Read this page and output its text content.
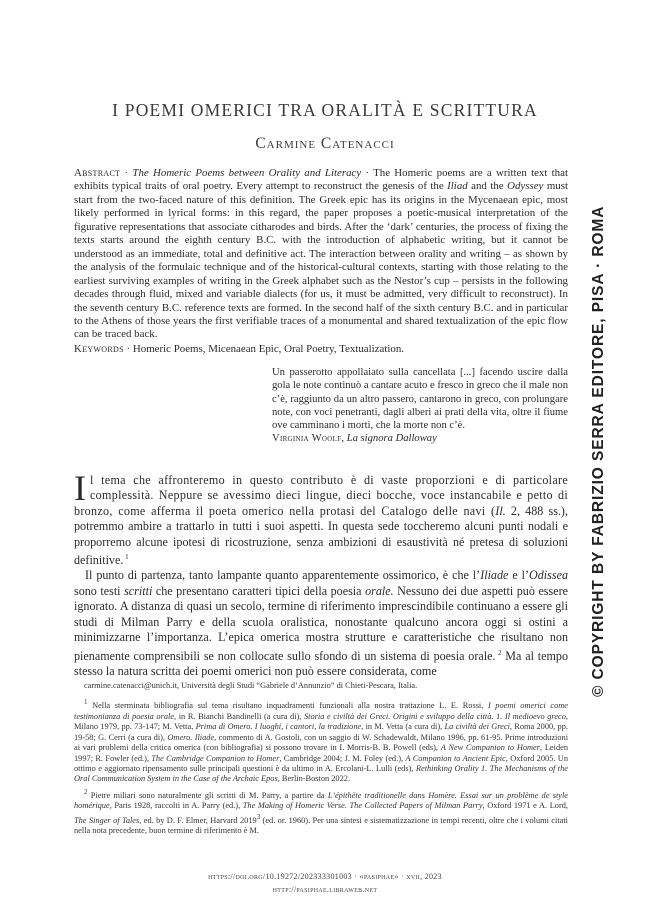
I POEMI OMERICI TRA ORALITÀ E SCRITTURA
Carmine Catenacci
Abstract · The Homeric Poems between Orality and Literacy · The Homeric poems are a written text that exhibits typical traits of oral poetry. Every attempt to reconstruct the genesis of the Iliad and the Odyssey must start from the two-faced nature of this definition. The Greek epic has its origins in the Mycenaean epic, most likely performed in lyrical forms: in this regard, the paper proposes a poetic-musical interpretation of the figurative representations that associate citharodes and birds. After the ‘dark’ centuries, the process of fixing the texts starts around the eighth century B.C. with the introduction of alphabetic writing, but it cannot be understood as an immediate, total and definitive act. The interaction between orality and writing – as shown by the analysis of the formulaic technique and of the historical-cultural contexts, starting with those relating to the earliest surviving examples of writing in the Greek alphabet such as the Nestor’s cup – persists in the following decades through fluid, mixed and variable dialects (for us, it must be admitted, very difficult to reconstruct). In the seventh century B.C. reference texts are formed. In the second half of the sixth century B.C. and in particular to the Athens of those years the first verifiable traces of a monumental and shared textualization of the epic flow can be traced back.
Keywords · Homeric Poems, Micenaean Epic, Oral Poetry, Textualization.
Un passerotto appollaiato sulla cancellata [...] facendo uscire dalla gola le note continuò a cantare acuto e fresco in greco che il male non c’è, raggiunto da un altro passero, cantarono in greco, con prolungare note, con voci penetranti, dagli alberi ai prati della vita, oltre il fiume ove camminano i morti, che la morte non c’è.
Virginia Woolf, La signora Dalloway

Il tema che affronteremo in questo contributo è di vaste proporzioni e di particolare complessità. Neppure se avessimo dieci lingue, dieci bocche, voce instancabile e petto di bronzo, come afferma il poeta omerico nella protasi del Catalogo delle navi (Il. 2, 488 ss.), potremmo ambire a trattarlo in tutti i suoi aspetti. In questa sede toccheremo alcuni punti nodali e proporremo alcune ipotesi di ricostruzione, senza ambizioni di esaustività né pretesa di soluzioni definitive. $^1$

Il punto di partenza, tanto lampante quanto apparentemente ossimorico, è che l’Iliade e l’Odissea sono testi scritti che presentano caratteri tipici della poesia orale. Nessuno dei due aspetti può essere ignorato. A distanza di quasi un secolo, termine di riferimento imprescindibile continuano a essere gli studi di Milman Parry e della scuola oralistica, nonostante qualcuno ancora oggi si ostini a minimizzarne l’importanza. L’epica omerica mostra strutture e caratteristiche che risultano non pienamente comprensibili se non collocate sullo sfondo di un sistema di poesia orale. $^2$ Ma al tempo stesso la natura scritta dei poemi omerici non può essere considerata, come

carmine.catenacci@unich.it, Università degli Studi “Gabriele d’Annunzio” di Chieti-Pescara, Italia.

$^1$ Nella sterminata bibliografia sul tema risultano inquadramenti funzionali alla nostra trattazione L. E. Rossi, I poemi omerici come testimonianza di poesia orale, in R. Bianchi Bandinelli (a cura di), Storia e civiltà dei Greci. Origini e sviluppo della città. 1. Il medioevo greco, Milano 1979, pp. 73-147; M. Vetta, Prima di Omero. I luoghi, i cantori, la tradizione, in M. Vetta (a cura di), La civiltà dei Greci, Roma 2000, pp. 19-58; G. Cerri (a cura di), Omero. Iliade, commento di A. Gostoli, con un saggio di W. Schadewaldt, Milano 1996, pp. 61-95. Prime introduzioni ai vari problemi della critica omerica (con bibliografia) si possono trovare in I. Morris-B. B. Powell (eds), A New Companion to Homer, Leiden 1997; R. Fowler (ed.), The Cambridge Companion to Homer, Cambridge 2004; J. M. Foley (ed.), A Companion to Ancient Epic, Oxford 2005. Un ottimo e aggiornato ripensamento sulle principali questioni è da ultimo in A. Ercolani-L. Lulli (eds), Rethinking Orality 1. The Mechanisms of the Oral Communication System in the Case of the Archaic Epos, Berlin-Boston 2022.

$^2$ Pietre miliari sono naturalmente gli scritti di M. Parry, a partire da L’épithète traditionelle dans Homère. Essai sur un problème de style homérique, Paris 1928, raccolti in A. Parry (ed.), The Making of Homeric Verse. The Collected Papers of Milman Parry, Oxford 1971 e A. Lord, The Singer of Tales, ed. by D. F. Elmer, Harvard 2019$^3$ (ed. or. 1960). Per una sintesi e sistematizzazione in tempi recenti, oltre che i volumi citati nella nota precedente, buon termine di riferimento è M.

https://doi.org/10.19272/202333301003 · «pasiphae» · xvii, 2023
http://pasiphae.libraweb.net
© COPYRIGHT BY FABRIZIO SERRA EDITORE, PISA · ROMA
